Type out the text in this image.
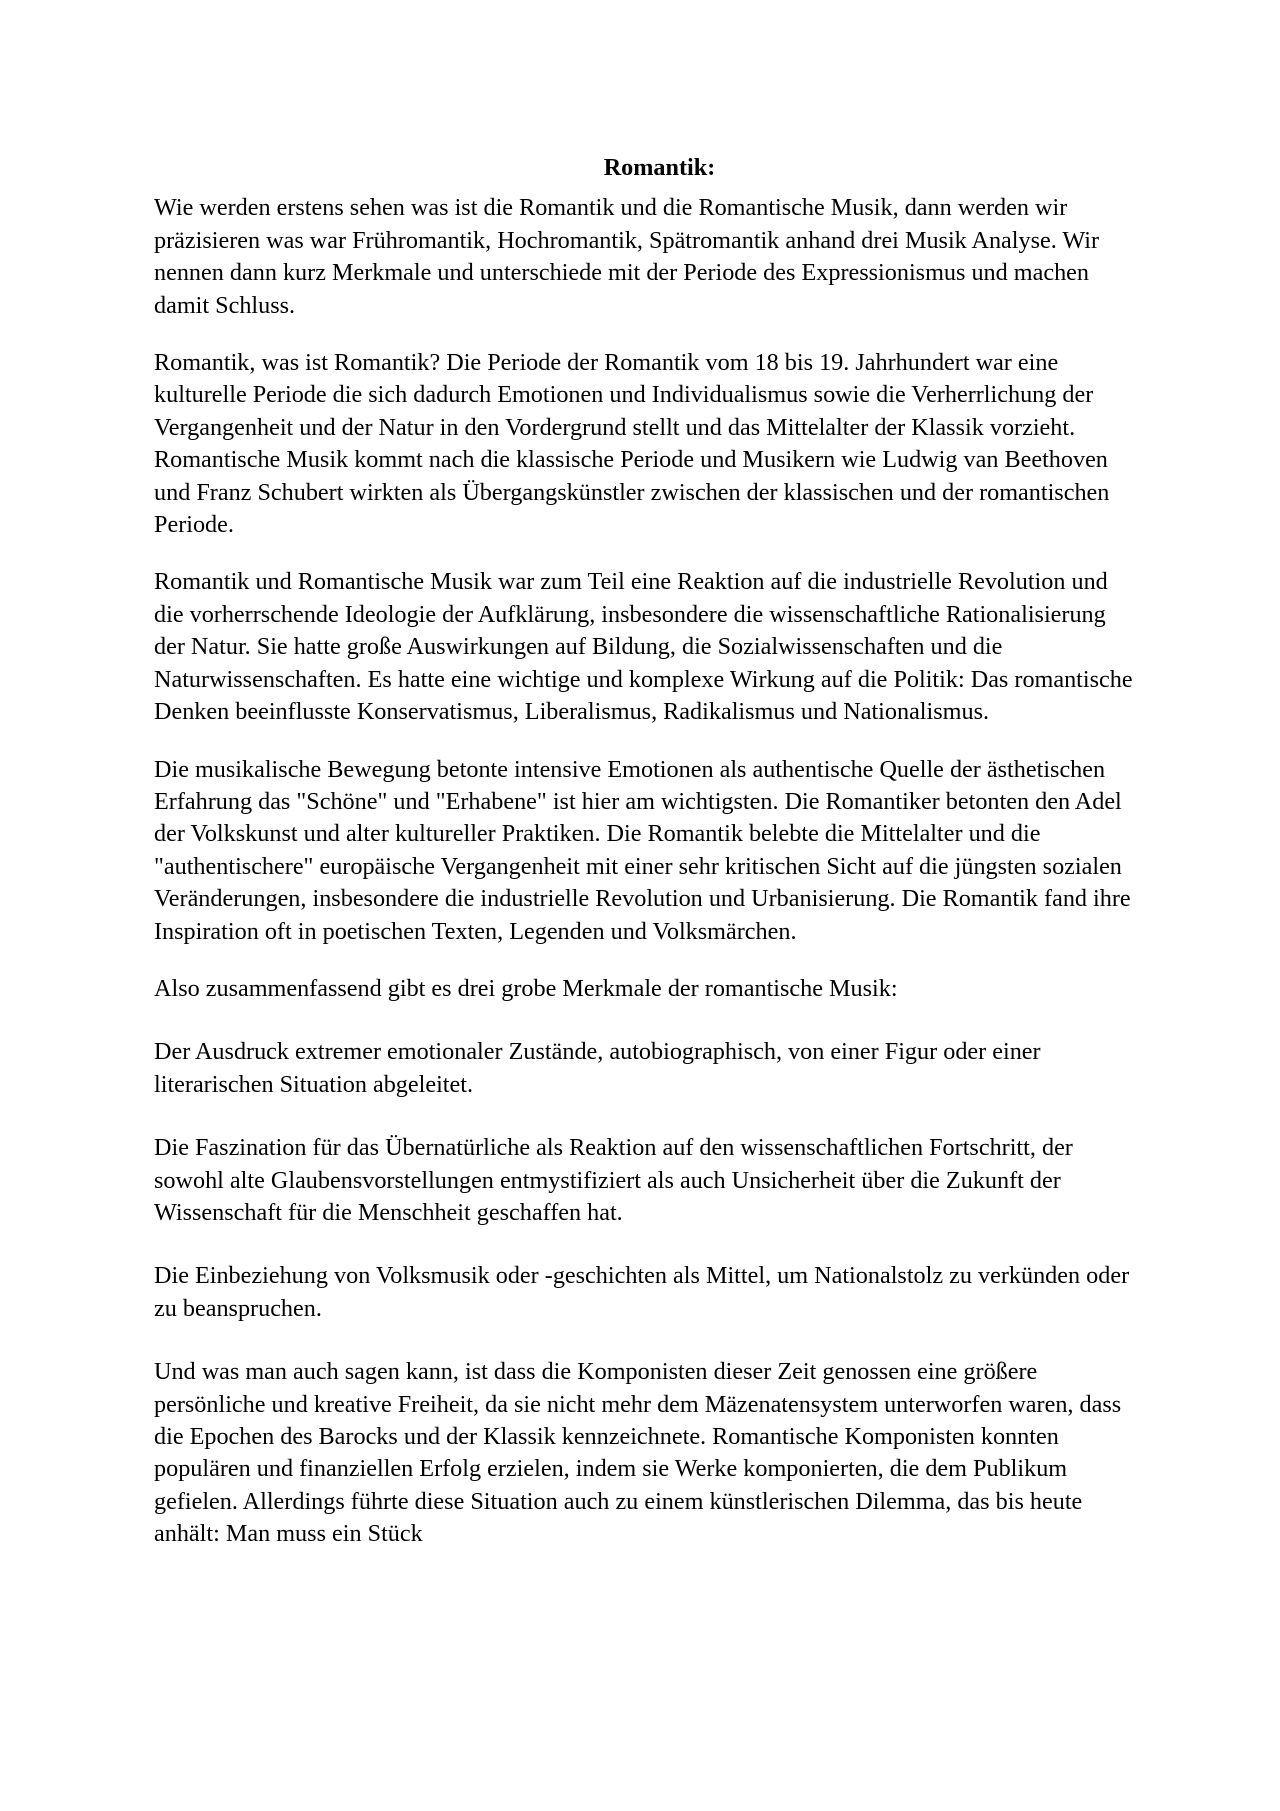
Romantik:

Wie werden erstens sehen was ist die Romantik und die Romantische Musik, dann werden wir präzisieren was war Frühromantik, Hochromantik, Spätromantik anhand drei Musik Analyse. Wir nennen dann kurz Merkmale und unterschiede mit der Periode des Expressionismus und machen damit Schluss.

Romantik, was ist Romantik? Die Periode der Romantik vom 18 bis 19. Jahrhundert war eine kulturelle Periode die sich dadurch Emotionen und Individualismus sowie die Verherrlichung der Vergangenheit und der Natur in den Vordergrund stellt und das Mittelalter der Klassik vorzieht. Romantische Musik kommt nach die klassische Periode und Musikern wie Ludwig van Beethoven und Franz Schubert wirkten als Übergangskünstler zwischen der klassischen und der romantischen Periode.

Romantik und Romantische Musik war zum Teil eine Reaktion auf die industrielle Revolution und die vorherrschende Ideologie der Aufklärung, insbesondere die wissenschaftliche Rationalisierung der Natur. Sie hatte große Auswirkungen auf Bildung, die Sozialwissenschaften und die Naturwissenschaften. Es hatte eine wichtige und komplexe Wirkung auf die Politik: Das romantische Denken beeinflusste Konservatismus, Liberalismus, Radikalismus und Nationalismus.

Die musikalische Bewegung betonte intensive Emotionen als authentische Quelle der ästhetischen Erfahrung das "Schöne" und "Erhabene" ist hier am wichtigsten. Die Romantiker betonten den Adel der Volkskunst und alter kultureller Praktiken. Die Romantik belebte die Mittelalter und die "authentischere" europäische Vergangenheit mit einer sehr kritischen Sicht auf die jüngsten sozialen Veränderungen, insbesondere die industrielle Revolution und Urbanisierung. Die Romantik fand ihre Inspiration oft in poetischen Texten, Legenden und Volksmärchen.

Also zusammenfassend gibt es drei grobe Merkmale der romantische Musik:

Der Ausdruck extremer emotionaler Zustände, autobiographisch, von einer Figur oder einer literarischen Situation abgeleitet.

Die Faszination für das Übernatürliche als Reaktion auf den wissenschaftlichen Fortschritt, der sowohl alte Glaubensvorstellungen entmystifiziert als auch Unsicherheit über die Zukunft der Wissenschaft für die Menschheit geschaffen hat.

Die Einbeziehung von Volksmusik oder -geschichten als Mittel, um Nationalstolz zu verkünden oder zu beanspruchen.

Und was man auch sagen kann, ist dass die Komponisten dieser Zeit genossen eine größere persönliche und kreative Freiheit, da sie nicht mehr dem Mäzenatensystem unterworfen waren, dass die Epochen des Barocks und der Klassik kennzeichnete. Romantische Komponisten konnten populären und finanziellen Erfolg erzielen, indem sie Werke komponierten, die dem Publikum gefielen. Allerdings führte diese Situation auch zu einem künstlerischen Dilemma, das bis heute anhält: Man muss ein Stück
